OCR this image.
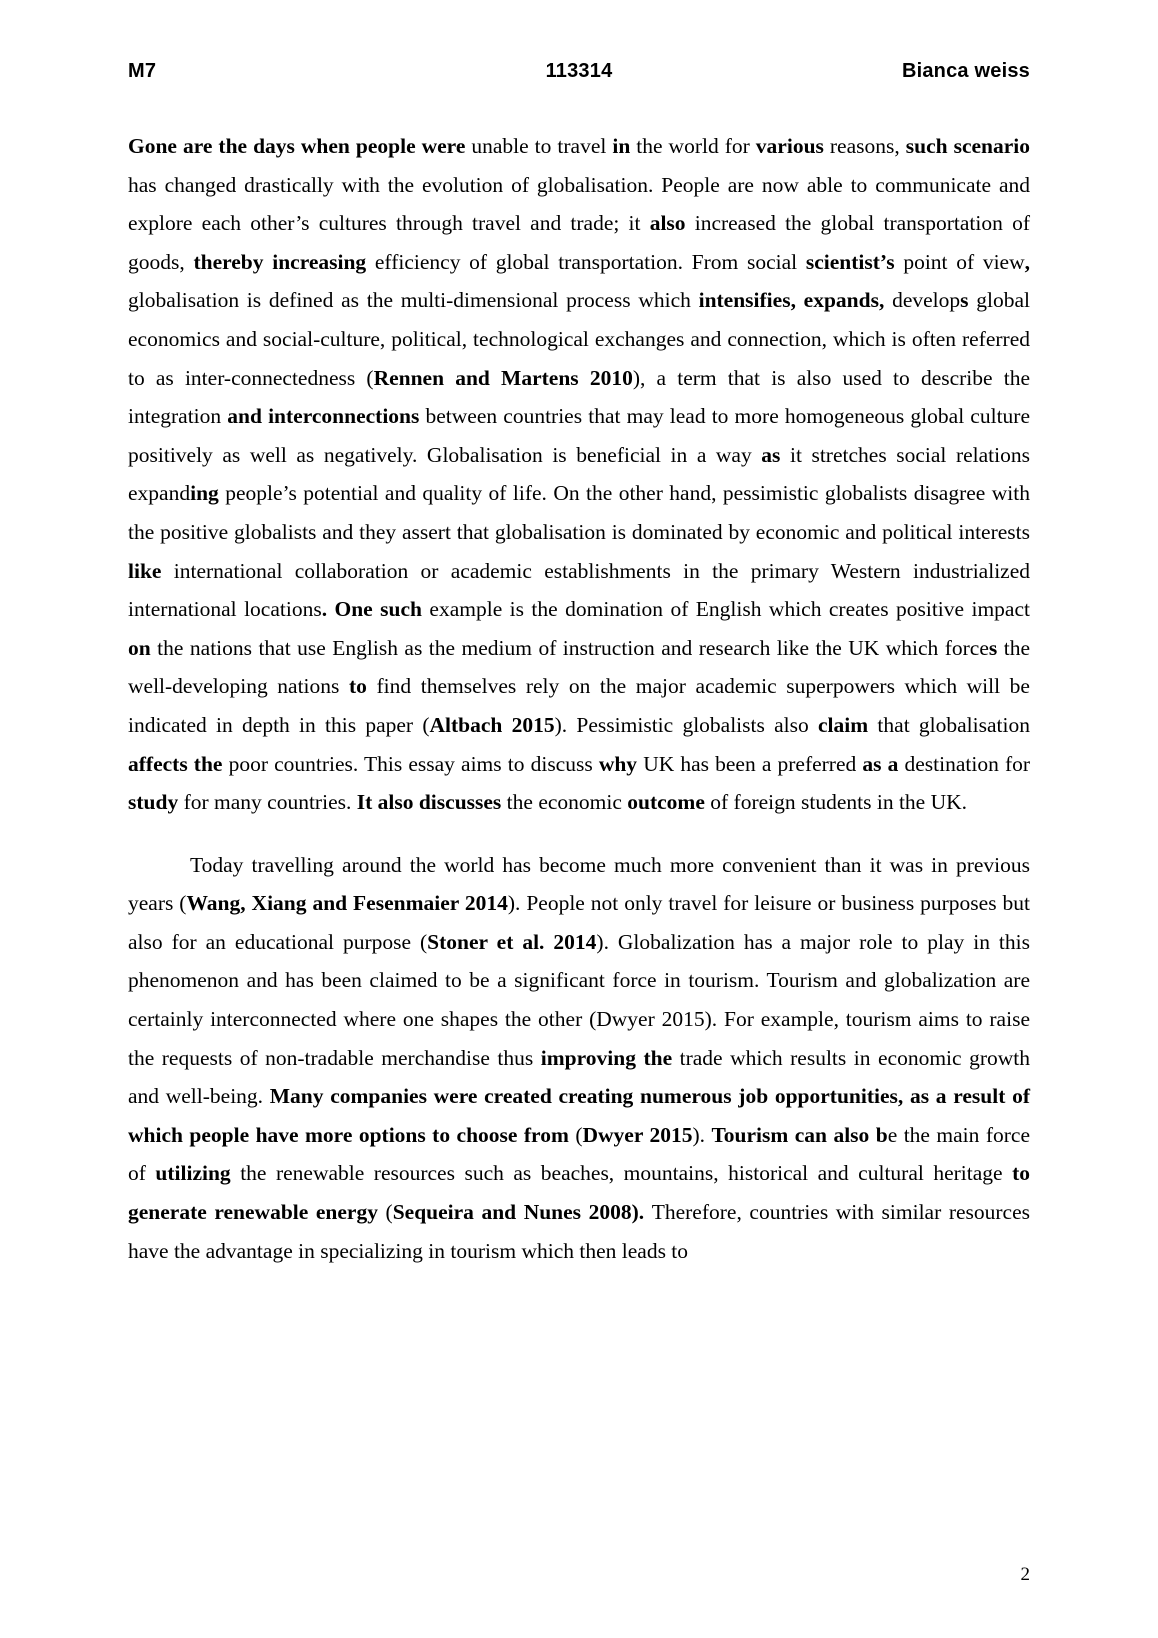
M7	113314	Bianca weiss

Gone are the days when people were unable to travel in the world for various reasons, such scenario has changed drastically with the evolution of globalisation. People are now able to communicate and explore each other’s cultures through travel and trade; it also increased the global transportation of goods, thereby increasing efficiency of global transportation. From social scientist’s point of view, globalisation is defined as the multi-dimensional process which intensifies, expands, develops global economics and social-culture, political, technological exchanges and connection, which is often referred to as inter-connectedness (Rennen and Martens 2010), a term that is also used to describe the integration and interconnections between countries that may lead to more homogeneous global culture positively as well as negatively. Globalisation is beneficial in a way as it stretches social relations expanding people’s potential and quality of life. On the other hand, pessimistic globalists disagree with the positive globalists and they assert that globalisation is dominated by economic and political interests like international collaboration or academic establishments in the primary Western industrialized international locations. One such example is the domination of English which creates positive impact on the nations that use English as the medium of instruction and research like the UK which forces the well-developing nations to find themselves rely on the major academic superpowers which will be indicated in depth in this paper (Altbach 2015). Pessimistic globalists also claim that globalisation affects the poor countries. This essay aims to discuss why UK has been a preferred as a destination for study for many countries. It also discusses the economic outcome of foreign students in the UK.

Today travelling around the world has become much more convenient than it was in previous years (Wang, Xiang and Fesenmaier 2014). People not only travel for leisure or business purposes but also for an educational purpose (Stoner et al. 2014). Globalization has a major role to play in this phenomenon and has been claimed to be a significant force in tourism. Tourism and globalization are certainly interconnected where one shapes the other (Dwyer 2015). For example, tourism aims to raise the requests of non-tradable merchandise thus improving the trade which results in economic growth and well-being. Many companies were created creating numerous job opportunities, as a result of which people have more options to choose from (Dwyer 2015). Tourism can also be the main force of utilizing the renewable resources such as beaches, mountains, historical and cultural heritage to generate renewable energy (Sequeira and Nunes 2008). Therefore, countries with similar resources have the advantage in specializing in tourism which then leads to

2
